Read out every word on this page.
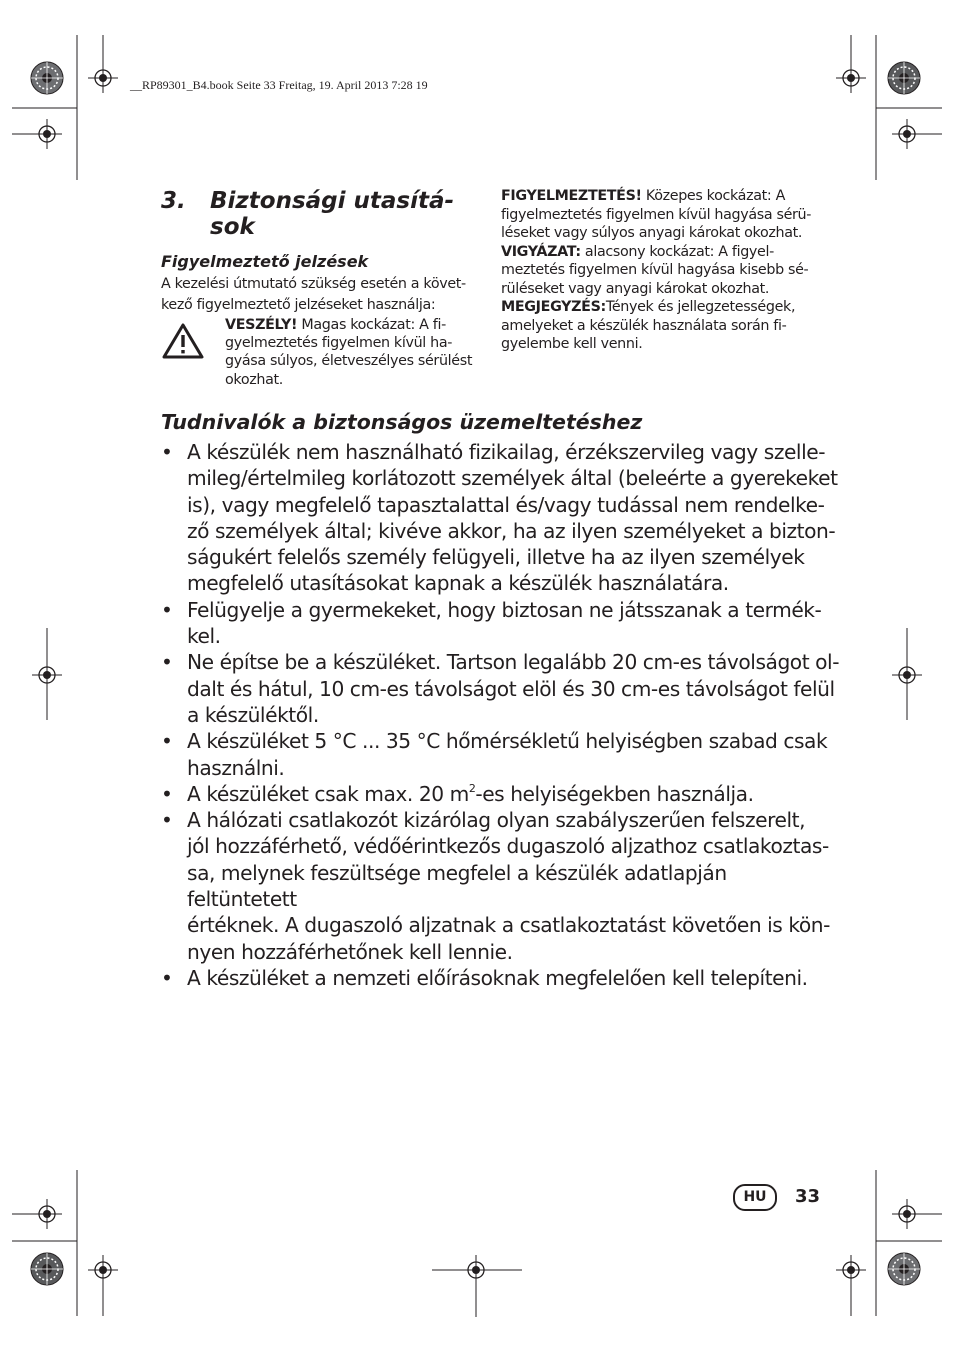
__RP89301_B4.book Seite 33 Freitag, 19. April 2013 7:28 19
3. Biztonsági utasítá-
sok
Figyelmeztető jelzések
A kezelési útmutató szükség esetén a követ-
kező figyelmeztető jelzéseket használja:
VESZÉLY! Magas kockázat: A fi-
gyelmeztetés figyelmen kívül ha-
gyása súlyos, életveszélyes sérülést
okozhat.

FIGYELMEZTETÉS! Közepes kockázat: A

figyelmeztetés figyelmen kívül hagyása sérü-

léseket vagy súlyos anyagi károkat okozhat.

VIGYÁZAT: alacsony kockázat: A figyel-

meztetés figyelmen kívül hagyása kisebb sé-

rüléseket vagy anyagi károkat okozhat.

MEGJEGYZÉS:Tények és jellegzetességek,

amelyeket a készülék használata során fi-

gyelembe kell venni.

Tudnivalók a biztonságos üzemeltetéshez
• A készülék nem használható fizikailag, érzékszervileg vagy szelle-
mileg/értelmileg korlátozott személyek által (beleérte a gyerekeket
is), vagy megfelelő tapasztalattal és/vagy tudással nem rendelke-
ző személyek által; kivéve akkor, ha az ilyen személyeket a bizton-
ságukért felelős személy felügyeli, illetve ha az ilyen személyek
megfelelő utasításokat kapnak a készülék használatára.
• Felügyelje a gyermekeket, hogy biztosan ne játsszanak a termék-
kel.
• Ne építse be a készüléket. Tartson legalább 20 cm-es távolságot ol-
dalt és hátul, 10 cm-es távolságot elöl és 30 cm-es távolságot felül
a készüléktől.
• A készüléket 5 °C ... 35 °C hőmérsékletű helyiségben szabad csak
használni.
• A készüléket csak max. 20 $m^2-es$ helyiségekben használja.
• A hálózati csatlakozót kizárólag olyan szabályszerűen felszerelt,
jól hozzáférhető, védőérintkezős dugaszoló aljzathoz csatlakoztas-
sa, melynek feszültsége megfelel a készülék adatlapján feltüntetett
értéknek. A dugaszoló aljzatnak a csatlakoztatást követően is kön-
nyen hozzáférhetőnek kell lennie.
• A készüléket a nemzeti előírásoknak megfelelően kell telepíteni.
HU	33
